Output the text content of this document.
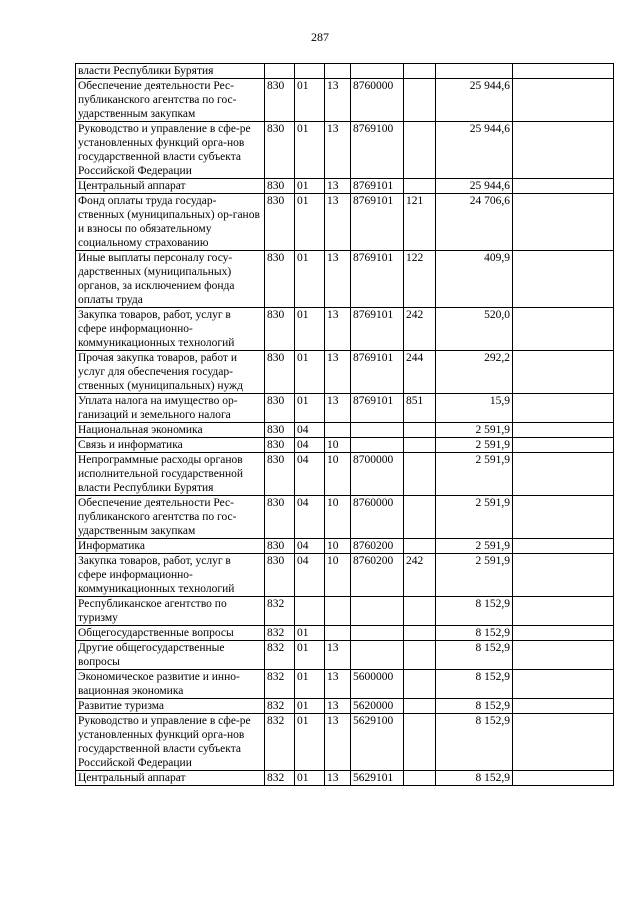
287
власти Республики Бурятия							
Обеспечение деятельности Рес-публиканского агентства по гос-ударственным закупкам	830	01	13	8760000		25 944,6	
Руководство и управление в сфе-ре установленных функций орга-нов государственной власти субъекта Российской Федерации	830	01	13	8769100		25 944,6	
Центральный аппарат	830	01	13	8769101		25 944,6	
Фонд оплаты труда государ-ственных (муниципальных) ор-ганов и взносы по обязательному социальному страхованию	830	01	13	8769101	121	24 706,6	
Иные выплаты персоналу госу-дарственных (муниципальных) органов, за исключением фонда оплаты труда	830	01	13	8769101	122	409,9	
Закупка товаров, работ, услуг в сфере информационно-коммуникационных технологий	830	01	13	8769101	242	520,0	
Прочая закупка товаров, работ и услуг для обеспечения государ-ственных (муниципальных) нужд	830	01	13	8769101	244	292,2	
Уплата налога на имущество ор-ганизаций и земельного налога	830	01	13	8769101	851	15,9	
Национальная экономика	830	04				2 591,9	
Связь и информатика	830	04	10			2 591,9	
Непрограммные расходы органов исполнительной государственной власти Республики Бурятия	830	04	10	8700000		2 591,9	
Обеспечение деятельности Рес-публиканского агентства по гос-ударственным закупкам	830	04	10	8760000		2 591,9	
Информатика	830	04	10	8760200		2 591,9	
Закупка товаров, работ, услуг в сфере информационно-коммуникационных технологий	830	04	10	8760200	242	2 591,9	
Республиканское агентство по туризму	832					8 152,9	
Общегосударственные вопросы	832	01				8 152,9	
Другие общегосударственные вопросы	832	01	13			8 152,9	
Экономическое развитие и инно-вационная экономика	832	01	13	5600000		8 152,9	
Развитие туризма	832	01	13	5620000		8 152,9	
Руководство и управление в сфе-ре установленных функций орга-нов государственной власти субъекта Российской Федерации	832	01	13	5629100		8 152,9	
Центральный аппарат	832	01	13	5629101		8 152,9	
